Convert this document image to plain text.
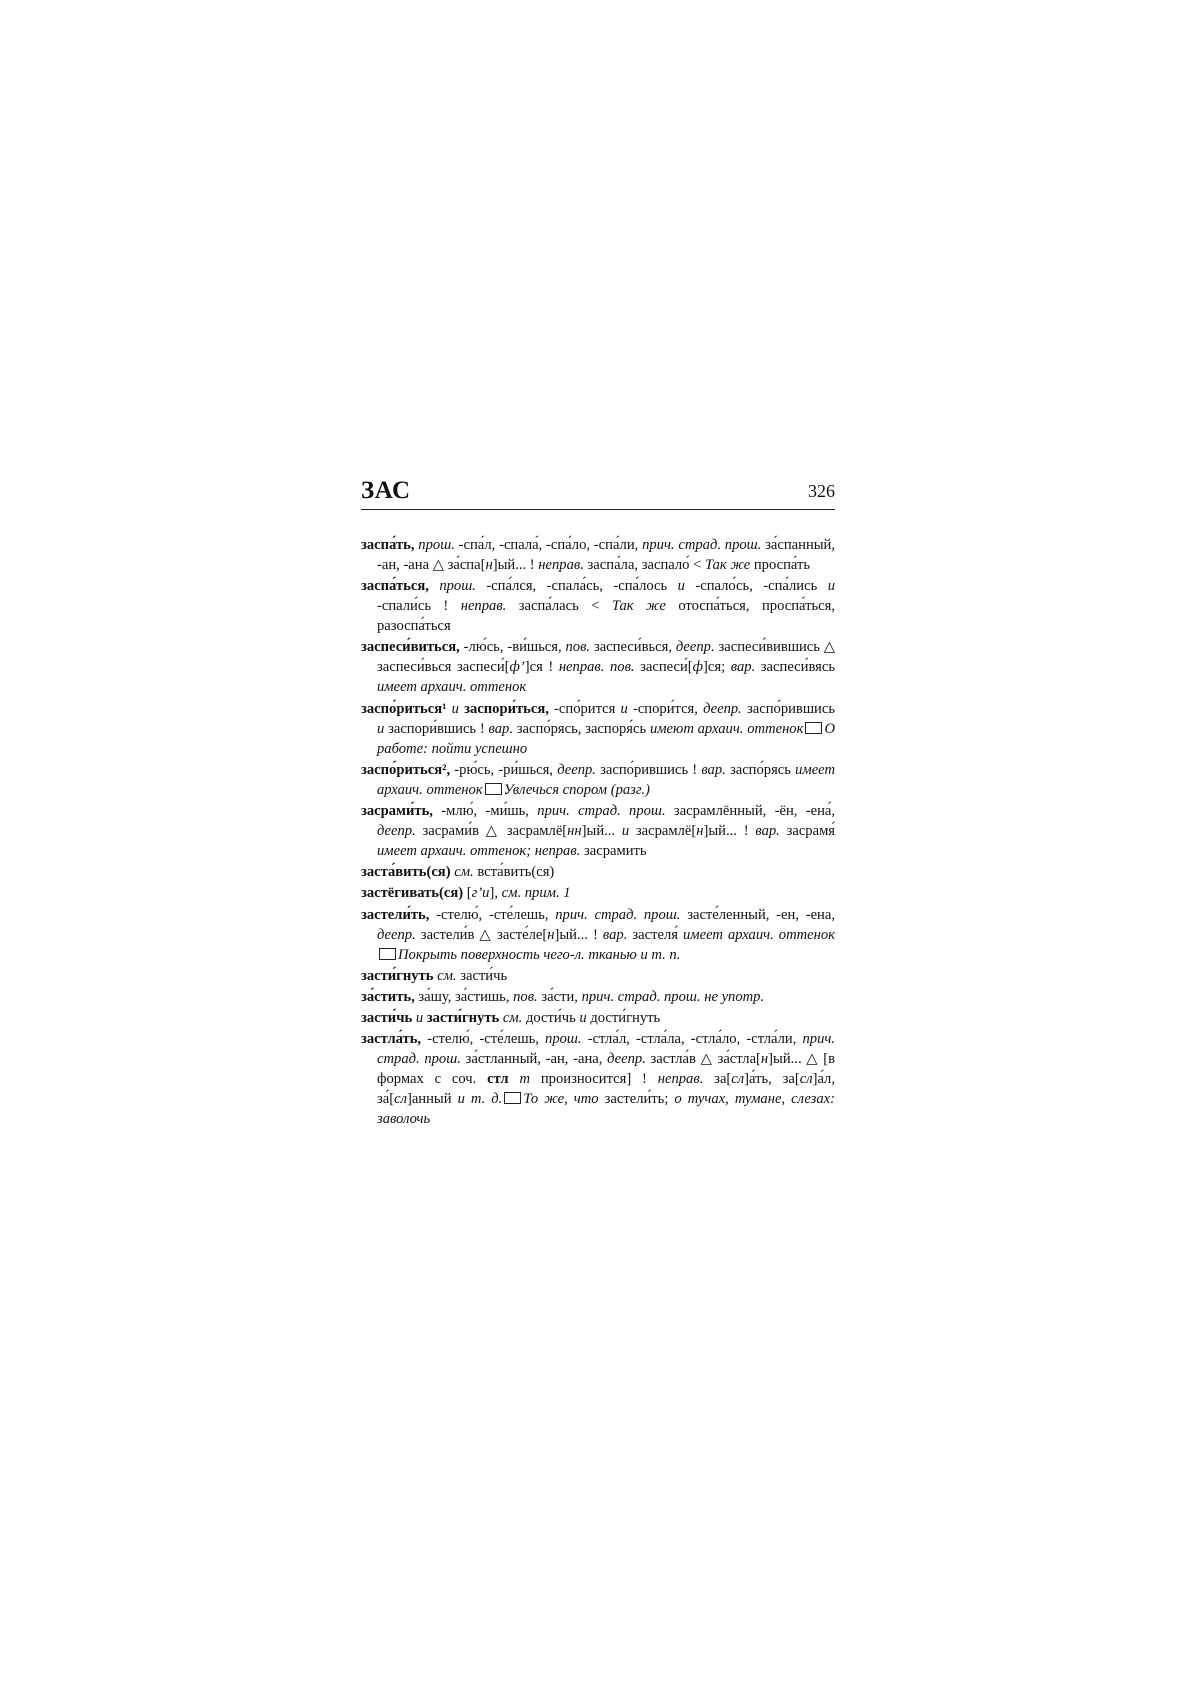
ЗАС	326

заспа́ть, прош. -спа́л, -спала́, -спа́ло, -спа́ли, прич. страд. прош. за́спанный, -ан, -ана △ за́спа[н]ый... ! неправ. заспа́ла, заспало́ < Так же проспа́ть

заспа́ться, прош. -спа́лся, -спала́сь, -спа́лось и -спало́сь, -спа́лись и -спали́сь ! неправ. заспа́лась < Так же отоспа́ться, проспа́ться, разоспа́ться

заспеси́виться, -лю́сь, -ви́шься, пов. заспеси́вься, деепр. заспеси́вившись △ заспеси́вься заспеси́[ф’]ся ! неправ. пов. заспеси́[ф]ся; вар. заспеси́вясь имеет архаич. оттенок

заспо́риться¹ и заспори́ться, -спо́рится и -спори́тся, деепр. заспо́рившись и заспори́вшись ! вар. заспо́рясь, заспоря́сь имеют архаич. оттенок О работе: пойти успешно

заспо́риться², -рю́сь, -ри́шься, деепр. заспо́рившись ! вар. заспо́рясь имеет архаич. оттенок Увлечься спором (разг.)

засрами́ть, -млю́, -ми́шь, прич. страд. прош. засрамлённый, -ён, -ена́, деепр. засрами́в △ засрамлё[нн]ый... и засрамлё[н]ый... ! вар. засрамя́ имеет архаич. оттенок; неправ. засрамить

заста́вить(ся) см. вста́вить(ся)

застёгивать(ся) [г’и], см. прим. 1

застели́ть, -стелю́, -сте́лешь, прич. страд. прош. засте́ленный, -ен, -ена, деепр. застели́в △ засте́ле[н]ый... ! вар. застеля́ имеет архаич. оттенокПокрыть поверхность чего-л. тканью и т. п.

засти́гнуть см. засти́чь

за́стить, за́шу, за́стишь, пов. за́сти, прич. страд. прош. не употр.

засти́чь и засти́гнуть см. дости́чь и дости́гнуть

застла́ть, -стелю́, -сте́лешь, прош. -стла́л, -стла́ла, -стла́ло, -стла́ли, прич. страд. прош. за́стланный, -ан, -ана, деепр. застла́в △ за́стла[н]ый... △ [в формах с соч. стл т произносится] ! неправ. за[сл]а́ть, за[сл]а́л, за́[сл]анный и т. д. То же, что застели́ть; о тучах, тумане, слезах: заволочь
